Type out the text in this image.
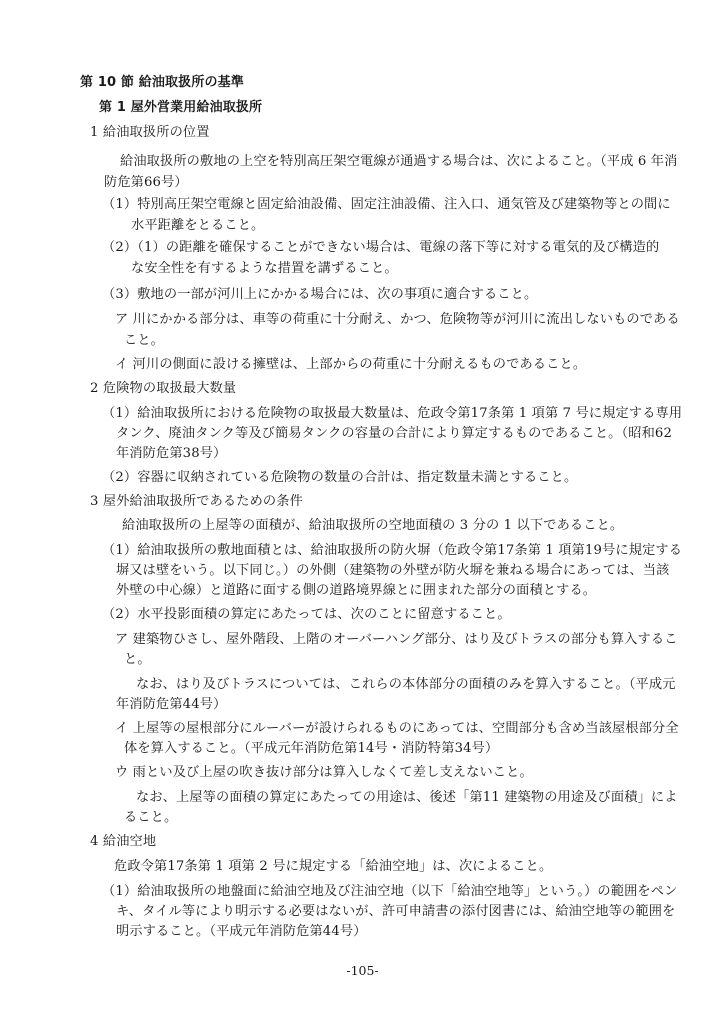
第 10 節 給油取扱所の基準
第 1 屋外営業用給油取扱所
1 給油取扱所の位置
給油取扱所の敷地の上空を特別高圧架空電線が通過する場合は、次によること。（平成 6 年消
防危第66号）
（1）特別高圧架空電線と固定給油設備、固定注油設備、注入口、通気管及び建築物等との間に
水平距離をとること。
（2）（1）の距離を確保することができない場合は、電線の落下等に対する電気的及び構造的
な安全性を有するような措置を講ずること。
（3）敷地の一部が河川上にかかる場合には、次の事項に適合すること。
ア 川にかかる部分は、車等の荷重に十分耐え、かつ、危険物等が河川に流出しないものである
こと。
イ 河川の側面に設ける擁壁は、上部からの荷重に十分耐えるものであること。
2 危険物の取扱最大数量
（1）給油取扱所における危険物の取扱最大数量は、危政令第17条第 1 項第 7 号に規定する専用
タンク、廃油タンク等及び簡易タンクの容量の合計により算定するものであること。（昭和62
年消防危第38号）
（2）容器に収納されている危険物の数量の合計は、指定数量未満とすること。
3 屋外給油取扱所であるための条件
給油取扱所の上屋等の面積が、給油取扱所の空地面積の 3 分の 1 以下であること。
（1）給油取扱所の敷地面積とは、給油取扱所の防火塀（危政令第17条第 1 項第19号に規定する
塀又は壁をいう。以下同じ。）の外側（建築物の外壁が防火塀を兼ねる場合にあっては、当該
外壁の中心線）と道路に面する側の道路境界線とに囲まれた部分の面積とする。
（2）水平投影面積の算定にあたっては、次のことに留意すること。
ア 建築物ひさし、屋外階段、上階のオーバーハング部分、はり及びトラスの部分も算入するこ
と。
なお、はり及びトラスについては、これらの本体部分の面積のみを算入すること。（平成元
年消防危第44号）
イ 上屋等の屋根部分にルーバーが設けられるものにあっては、空間部分も含め当該屋根部分全
体を算入すること。（平成元年消防危第14号・消防特第34号）
ウ 雨とい及び上屋の吹き抜け部分は算入しなくて差し支えないこと。
なお、上屋等の面積の算定にあたっての用途は、後述「第11 建築物の用途及び面積」によ
ること。
4 給油空地
危政令第17条第 1 項第 2 号に規定する「給油空地」は、次によること。
（1）給油取扱所の地盤面に給油空地及び注油空地（以下「給油空地等」という。）の範囲をペン
キ、タイル等により明示する必要はないが、許可申請書の添付図書には、給油空地等の範囲を
明示すること。（平成元年消防危第44号）
-105-
